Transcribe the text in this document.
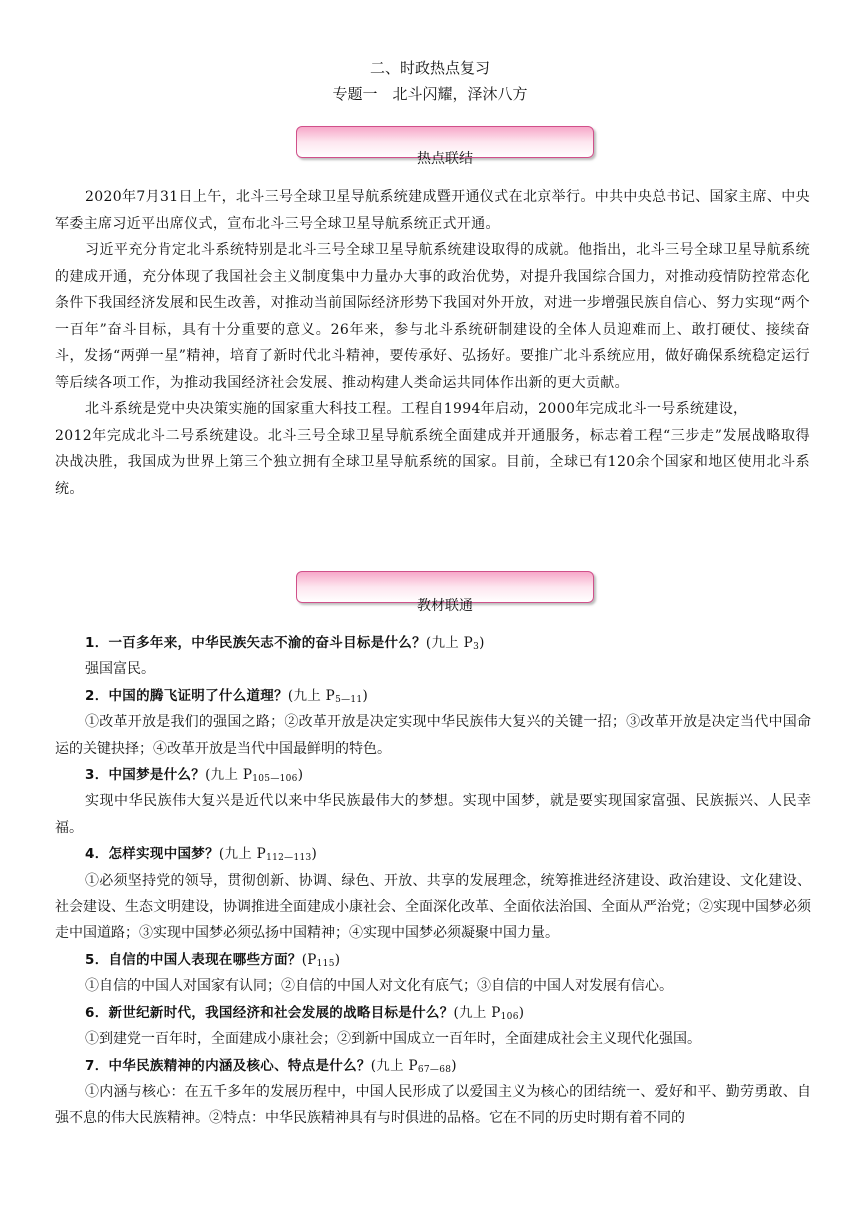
二、时政热点复习
专题一　北斗闪耀，泽沐八方
热点联结

2020年7月31日上午，北斗三号全球卫星导航系统建成暨开通仪式在北京举行。中共中央总书记、国家主席、中央军委主席习近平出席仪式，宣布北斗三号全球卫星导航系统正式开通。

习近平充分肯定北斗系统特别是北斗三号全球卫星导航系统建设取得的成就。他指出，北斗三号全球卫星导航系统的建成开通，充分体现了我国社会主义制度集中力量办大事的政治优势，对提升我国综合国力，对推动疫情防控常态化条件下我国经济发展和民生改善，对推动当前国际经济形势下我国对外开放，对进一步增强民族自信心、努力实现“两个一百年”奋斗目标，具有十分重要的意义。26年来，参与北斗系统研制建设的全体人员迎难而上、敢打硬仗、接续奋斗，发扬“两弹一星”精神，培育了新时代北斗精神，要传承好、弘扬好。要推广北斗系统应用，做好确保系统稳定运行等后续各项工作，为推动我国经济社会发展、推动构建人类命运共同体作出新的更大贡献。

北斗系统是党中央决策实施的国家重大科技工程。工程自1994年启动，2000年完成北斗一号系统建设，

2012年完成北斗二号系统建设。北斗三号全球卫星导航系统全面建成并开通服务，标志着工程“三步走”发展战略取得决战决胜，我国成为世界上第三个独立拥有全球卫星导航系统的国家。目前，全球已有120余个国家和地区使用北斗系统。

教材联通

1．一百多年来，中华民族矢志不渝的奋斗目标是什么？(九上 $P_3$)

强国富民。

2．中国的腾飞证明了什么道理？(九上 $P_{5—11}$)

①改革开放是我们的强国之路；②改革开放是决定实现中华民族伟大复兴的关键一招；③改革开放是决定当代中国命运的关键抉择；④改革开放是当代中国最鲜明的特色。

3．中国梦是什么？(九上 $P_{105—106}$)

实现中华民族伟大复兴是近代以来中华民族最伟大的梦想。实现中国梦，就是要实现国家富强、民族振兴、人民幸福。

4．怎样实现中国梦？(九上 $P_{112—113}$)

①必须坚持党的领导，贯彻创新、协调、绿色、开放、共享的发展理念，统筹推进经济建设、政治建设、文化建设、社会建设、生态文明建设，协调推进全面建成小康社会、全面深化改革、全面依法治国、全面从严治党；②实现中国梦必须走中国道路；③实现中国梦必须弘扬中国精神；④实现中国梦必须凝聚中国力量。

5．自信的中国人表现在哪些方面？$(P_{115})$

①自信的中国人对国家有认同；②自信的中国人对文化有底气；③自信的中国人对发展有信心。

6．新世纪新时代，我国经济和社会发展的战略目标是什么？(九上 $P_{106}$)

①到建党一百年时，全面建成小康社会；②到新中国成立一百年时，全面建成社会主义现代化强国。

7．中华民族精神的内涵及核心、特点是什么？(九上 $P_{67—68}$)

①内涵与核心：在五千多年的发展历程中，中国人民形成了以爱国主义为核心的团结统一、爱好和平、勤劳勇敢、自强不息的伟大民族精神。②特点：中华民族精神具有与时俱进的品格。它在不同的历史时期有着不同的
